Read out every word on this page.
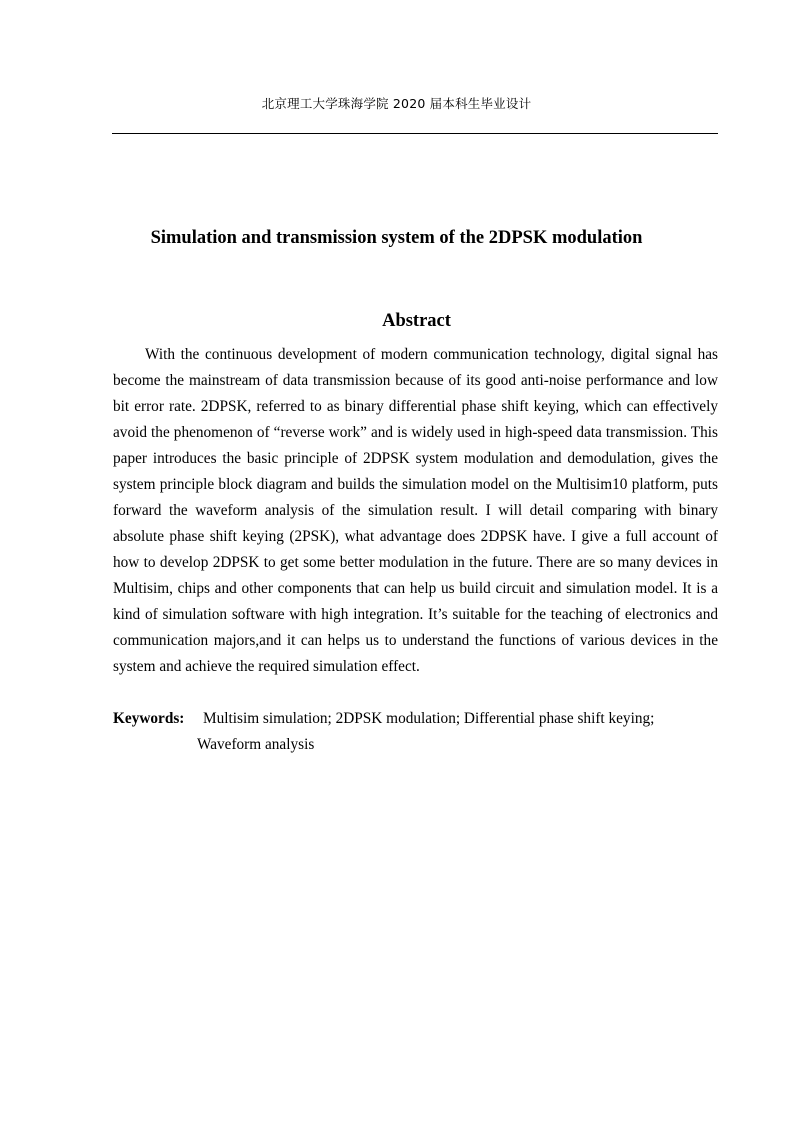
北京理工大学珠海学院 2020 届本科生毕业设计
Simulation and transmission system of the 2DPSK modulation
Abstract

With the continuous development of modern communication technology, digital signal has become the mainstream of data transmission because of its good anti-noise performance and low bit error rate. 2DPSK, referred to as binary differential phase shift keying, which can effectively avoid the phenomenon of “reverse work” and is widely used in high-speed data transmission. This paper introduces the basic principle of 2DPSK system modulation and demodulation, gives the system principle block diagram and builds the simulation model on the Multisim10 platform, puts forward the waveform analysis of the simulation result. I will detail comparing with binary absolute phase shift keying (2PSK), what advantage does 2DPSK have. I give a full account of how to develop 2DPSK to get some better modulation in the future. There are so many devices in Multisim, chips and other components that can help us build circuit and simulation model. It is a kind of simulation software with high integration. It’s suitable for the teaching of electronics and communication majors,and it can helps us to understand the functions of various devices in the system and achieve the required simulation effect.

Keywords: Multisim simulation; 2DPSK modulation; Differential phase shift keying;
Waveform analysis
